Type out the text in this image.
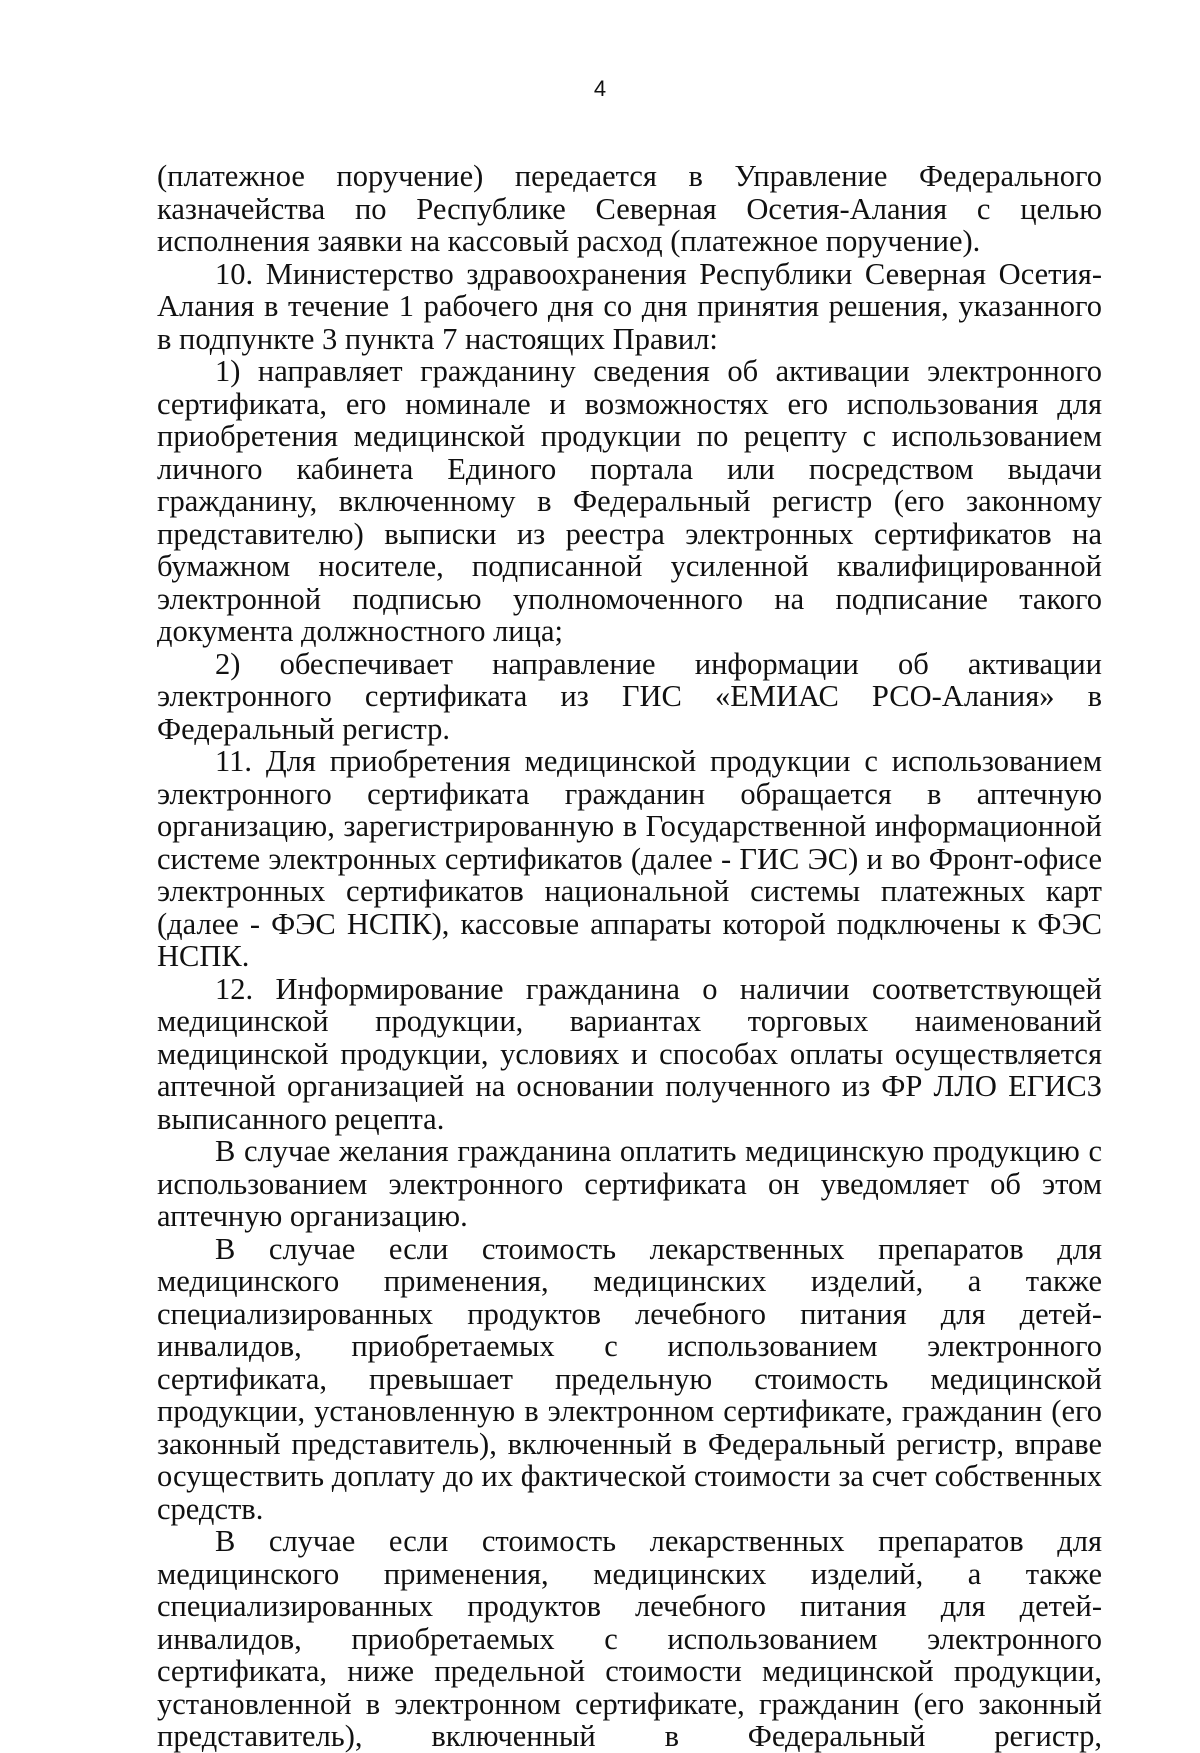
4

(платежное поручение) передается в Управление Федерального казначейства по Республике Северная Осетия-Алания с целью исполнения заявки на кассовый расход (платежное поручение).

10. Министерство здравоохранения Республики Северная Осетия-Алания в течение 1 рабочего дня со дня принятия решения, указанного в подпункте 3 пункта 7 настоящих Правил:

1) направляет гражданину сведения об активации электронного сертификата, его номинале и возможностях его использования для приобретения медицинской продукции по рецепту с использованием личного кабинета Единого портала или посредством выдачи гражданину, включенному в Федеральный регистр (его законному представителю) выписки из реестра электронных сертификатов на бумажном носителе, подписанной усиленной квалифицированной электронной подписью уполномоченного на подписание такого документа должностного лица;

2) обеспечивает направление информации об активации электронного сертификата из ГИС «ЕМИАС РСО-Алания» в Федеральный регистр.

11. Для приобретения медицинской продукции с использованием электронного сертификата гражданин обращается в аптечную организацию, зарегистрированную в Государственной информационной системе электронных сертификатов (далее - ГИС ЭС) и во Фронт-офисе электронных сертификатов национальной системы платежных карт (далее - ФЭС НСПК), кассовые аппараты которой подключены к ФЭС НСПК.

12. Информирование гражданина о наличии соответствующей медицинской продукции, вариантах торговых наименований медицинской продукции, условиях и способах оплаты осуществляется аптечной организацией на основании полученного из ФР ЛЛО ЕГИСЗ выписанного рецепта.

В случае желания гражданина оплатить медицинскую продукцию с использованием электронного сертификата он уведомляет об этом аптечную организацию.

В случае если стоимость лекарственных препаратов для медицинского применения, медицинских изделий, а также специализированных продуктов лечебного питания для детей-инвалидов, приобретаемых с использованием электронного сертификата, превышает предельную стоимость медицинской продукции, установленную в электронном сертификате, гражданин (его законный представитель), включенный в Федеральный регистр, вправе осуществить доплату до их фактической стоимости за счет собственных средств.

В случае если стоимость лекарственных препаратов для медицинского применения, медицинских изделий, а также специализированных продуктов лечебного питания для детей-инвалидов, приобретаемых с использованием электронного сертификата, ниже предельной стоимости медицинской продукции, установленной в электронном сертификате, гражданин (его законный представитель), включенный в Федеральный регистр,
